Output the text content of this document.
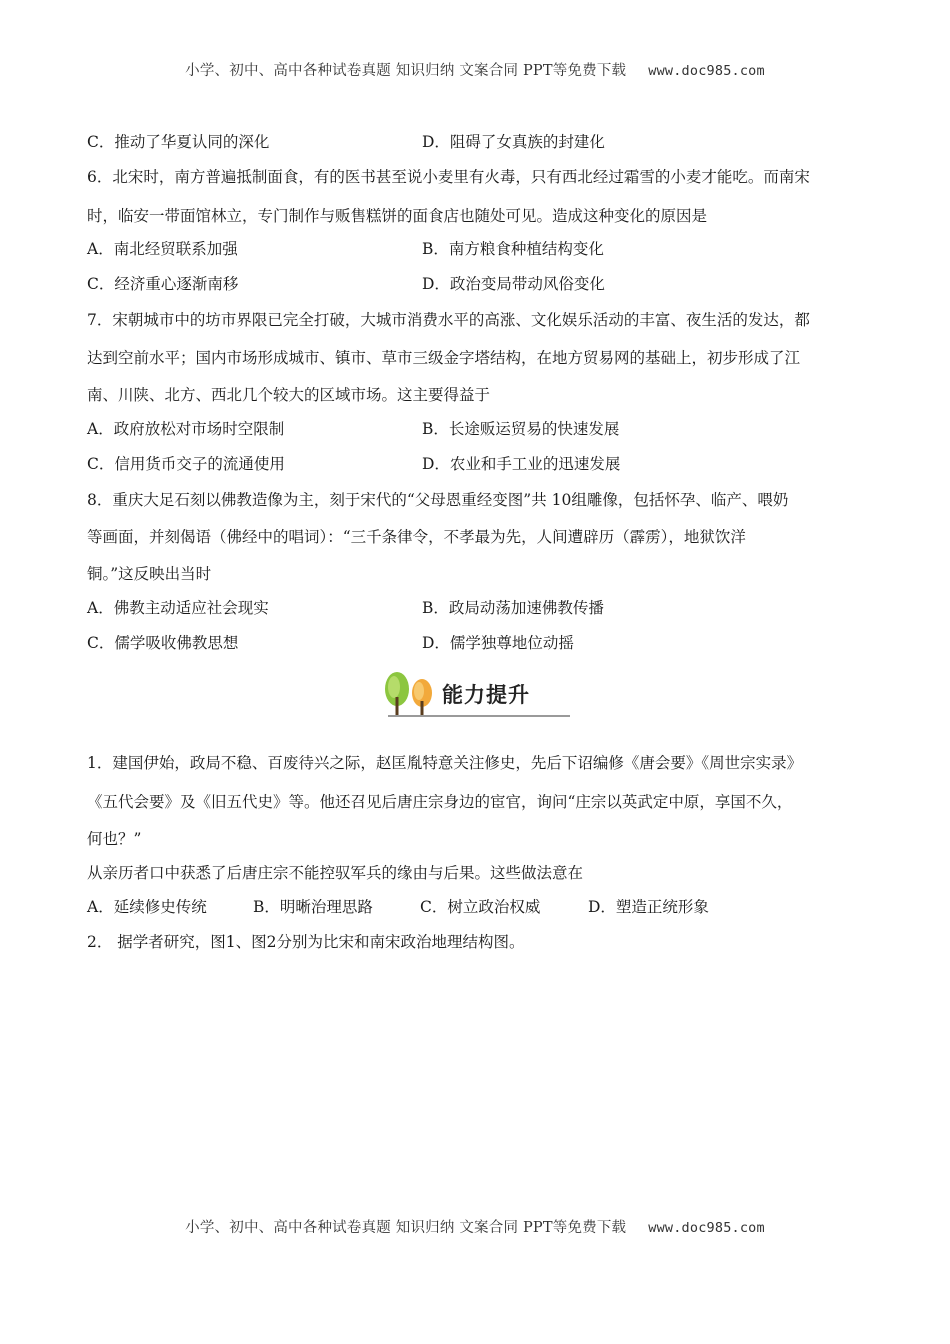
小学、初中、高中各种试卷真题 知识归纳 文案合同 PPT等免费下载 www.doc985.com
C．推动了华夏认同的深化	D．阻碍了女真族的封建化
6．北宋时，南方普遍抵制面食，有的医书甚至说小麦里有火毒，只有西北经过霜雪的小麦才能吃。而南宋
时，临安一带面馆林立，专门制作与贩售糕饼的面食店也随处可见。造成这种变化的原因是
A．南北经贸联系加强	B．南方粮食种植结构变化
C．经济重心逐渐南移	D．政治变局带动风俗变化
7．宋朝城市中的坊市界限已完全打破，大城市消费水平的高涨、文化娱乐活动的丰富、夜生活的发达，都
达到空前水平；国内市场形成城市、镇市、草市三级金字塔结构，在地方贸易网的基础上，初步形成了江
南、川陕、北方、西北几个较大的区域市场。这主要得益于
A．政府放松对市场时空限制	B．长途贩运贸易的快速发展
C．信用货币交子的流通使用	D．农业和手工业的迅速发展
8．重庆大足石刻以佛教造像为主，刻于宋代的“父母恩重经变图”共 10组雕像，包括怀孕、临产、喂奶
等画面，并刻偈语（佛经中的唱词）：“三千条律令，不孝最为先，人间遭辟历（霹雳），地狱饮洋
铜。”这反映出当时
A．佛教主动适应社会现实	B．政局动荡加速佛教传播
C．儒学吸收佛教思想	D．儒学独尊地位动摇
能力提升
1．建国伊始，政局不稳、百废待兴之际，赵匡胤特意关注修史，先后下诏编修《唐会要》《周世宗实录》
《五代会要》及《旧五代史》等。他还召见后唐庄宗身边的宦官，询问“庄宗以英武定中原，享国不久，
何也？”
从亲历者口中获悉了后唐庄宗不能控驭军兵的缘由与后果。这些做法意在
A．延续修史传统	B．明晰治理思路	C．树立政治权威	D．塑造正统形象
2． 据学者研究，图1、图2分别为比宋和南宋政治地理结构图。
小学、初中、高中各种试卷真题 知识归纳 文案合同 PPT等免费下载 www.doc985.com
